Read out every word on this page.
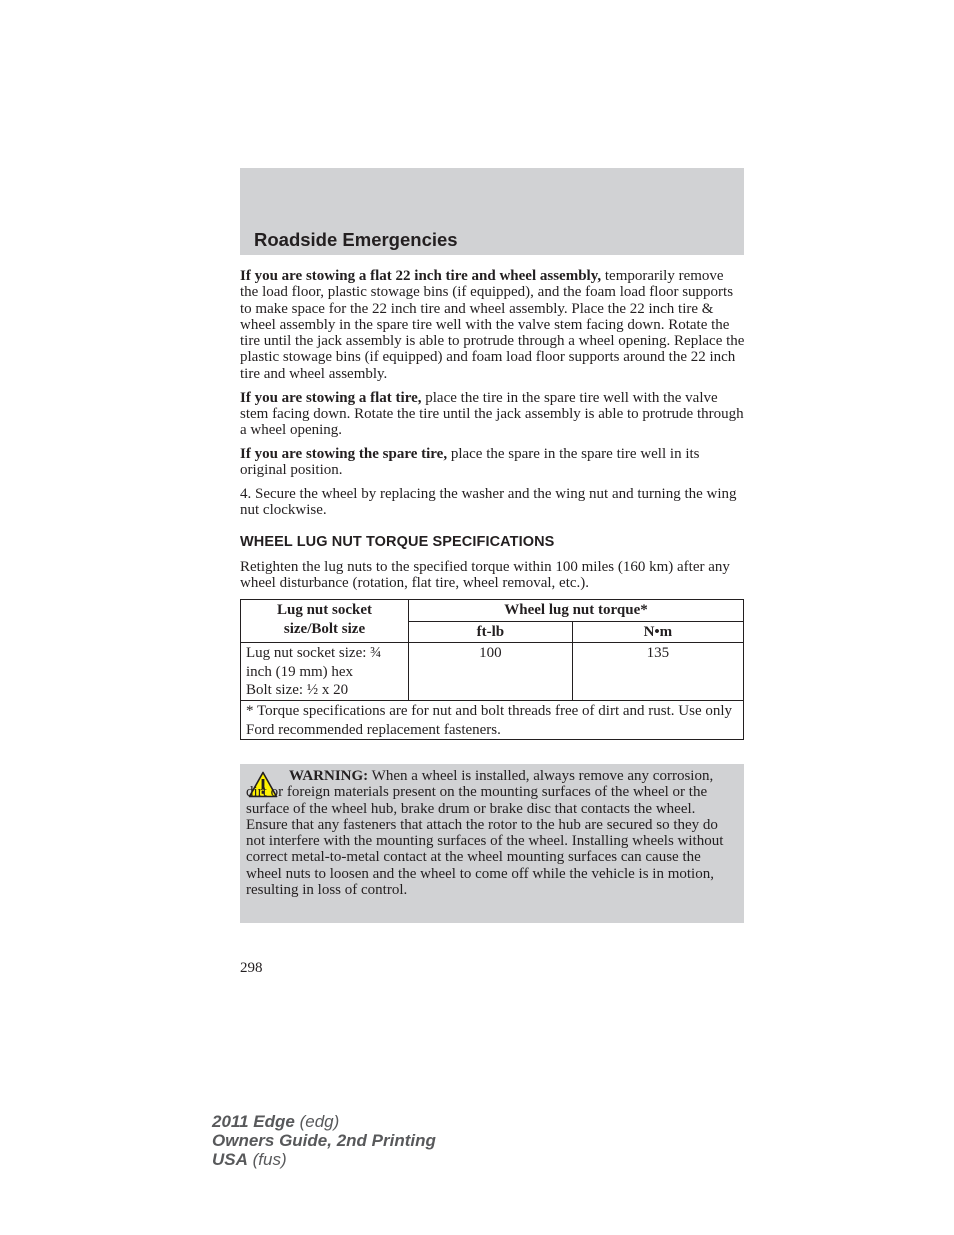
Roadside Emergencies

If you are stowing a flat 22 inch tire and wheel assembly, temporarily remove the load floor, plastic stowage bins (if equipped), and the foam load floor supports to make space for the 22 inch tire and wheel assembly. Place the 22 inch tire & wheel assembly in the spare tire well with the valve stem facing down. Rotate the tire until the jack assembly is able to protrude through a wheel opening. Replace the plastic stowage bins (if equipped) and foam load floor supports around the 22 inch tire and wheel assembly.

If you are stowing a flat tire, place the tire in the spare tire well with the valve stem facing down. Rotate the tire until the jack assembly is able to protrude through a wheel opening.

If you are stowing the spare tire, place the spare in the spare tire well in its original position.

4. Secure the wheel by replacing the washer and the wing nut and turning the wing nut clockwise.

WHEEL LUG NUT TORQUE SPECIFICATIONS

Retighten the lug nuts to the specified torque within 100 miles (160 km) after any wheel disturbance (rotation, flat tire, wheel removal, etc.).

Lug nut socket
size/Bolt size	Wheel lug nut torque*	
	ft-lb	N•m
Lug nut socket size: ¾
inch (19 mm) hex
Bolt size: ½ x 20	100	135
* Torque specifications are for nut and bolt threads free of dirt and rust. Use only Ford recommended replacement fasteners.		
WARNING: When a wheel is installed, always remove any corrosion, dirt or foreign materials present on the mounting surfaces of the wheel or the surface of the wheel hub, brake drum or brake disc that contacts the wheel. Ensure that any fasteners that attach the rotor to the hub are secured so they do not interfere with the mounting surfaces of the wheel. Installing wheels without correct metal-to-metal contact at the wheel mounting surfaces can cause the wheel nuts to loosen and the wheel to come off while the vehicle is in motion, resulting in loss of control.
298
2011 Edge (edg)
Owners Guide, 2nd Printing
USA (fus)
